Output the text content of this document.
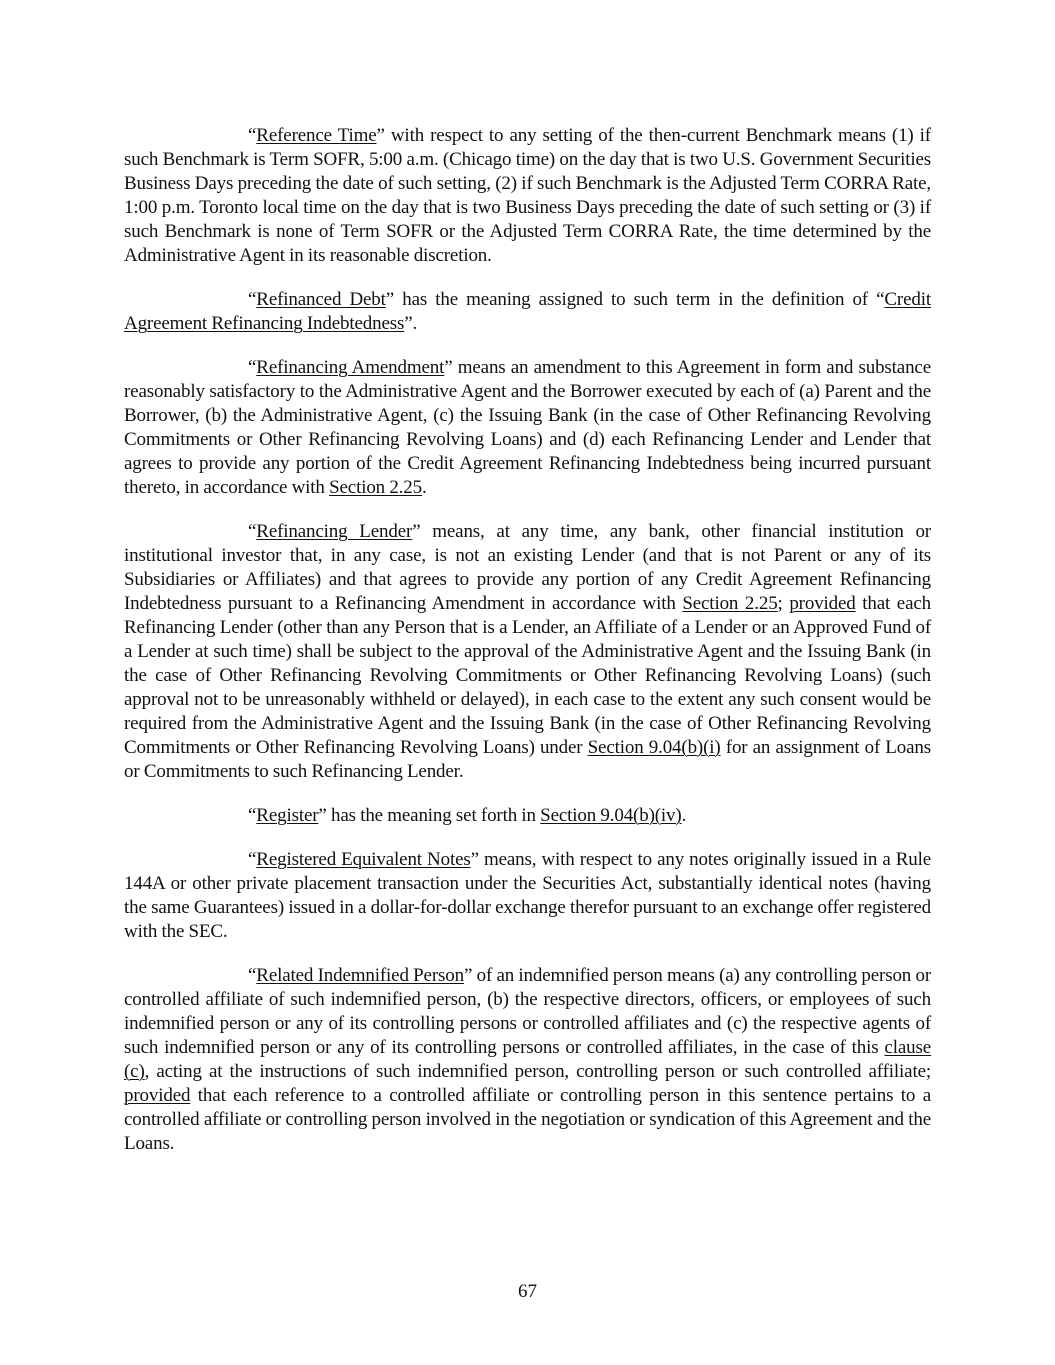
“Reference Time” with respect to any setting of the then-current Benchmark means (1) if such Benchmark is Term SOFR, 5:00 a.m. (Chicago time) on the day that is two U.S. Government Securities Business Days preceding the date of such setting, (2) if such Benchmark is the Adjusted Term CORRA Rate, 1:00 p.m. Toronto local time on the day that is two Business Days preceding the date of such setting or (3) if such Benchmark is none of Term SOFR or the Adjusted Term CORRA Rate, the time determined by the Administrative Agent in its reasonable discretion.

“Refinanced Debt” has the meaning assigned to such term in the definition of “Credit Agreement Refinancing Indebtedness”.

“Refinancing Amendment” means an amendment to this Agreement in form and substance reasonably satisfactory to the Administrative Agent and the Borrower executed by each of (a) Parent and the Borrower, (b) the Administrative Agent, (c) the Issuing Bank (in the case of Other Refinancing Revolving Commitments or Other Refinancing Revolving Loans) and (d) each Refinancing Lender and Lender that agrees to provide any portion of the Credit Agreement Refinancing Indebtedness being incurred pursuant thereto, in accordance with Section 2.25.

“Refinancing Lender” means, at any time, any bank, other financial institution or institutional investor that, in any case, is not an existing Lender (and that is not Parent or any of its Subsidiaries or Affiliates) and that agrees to provide any portion of any Credit Agreement Refinancing Indebtedness pursuant to a Refinancing Amendment in accordance with Section 2.25; provided that each Refinancing Lender (other than any Person that is a Lender, an Affiliate of a Lender or an Approved Fund of a Lender at such time) shall be subject to the approval of the Administrative Agent and the Issuing Bank (in the case of Other Refinancing Revolving Commitments or Other Refinancing Revolving Loans) (such approval not to be unreasonably withheld or delayed), in each case to the extent any such consent would be required from the Administrative Agent and the Issuing Bank (in the case of Other Refinancing Revolving Commitments or Other Refinancing Revolving Loans) under Section 9.04(b)(i) for an assignment of Loans or Commitments to such Refinancing Lender.

“Register” has the meaning set forth in Section 9.04(b)(iv).

“Registered Equivalent Notes” means, with respect to any notes originally issued in a Rule 144A or other private placement transaction under the Securities Act, substantially identical notes (having the same Guarantees) issued in a dollar-for-dollar exchange therefor pursuant to an exchange offer registered with the SEC.

“Related Indemnified Person” of an indemnified person means (a) any controlling person or controlled affiliate of such indemnified person, (b) the respective directors, officers, or employees of such indemnified person or any of its controlling persons or controlled affiliates and (c) the respective agents of such indemnified person or any of its controlling persons or controlled affiliates, in the case of this clause (c), acting at the instructions of such indemnified person, controlling person or such controlled affiliate; provided that each reference to a controlled affiliate or controlling person in this sentence pertains to a controlled affiliate or controlling person involved in the negotiation or syndication of this Agreement and the Loans.

67
